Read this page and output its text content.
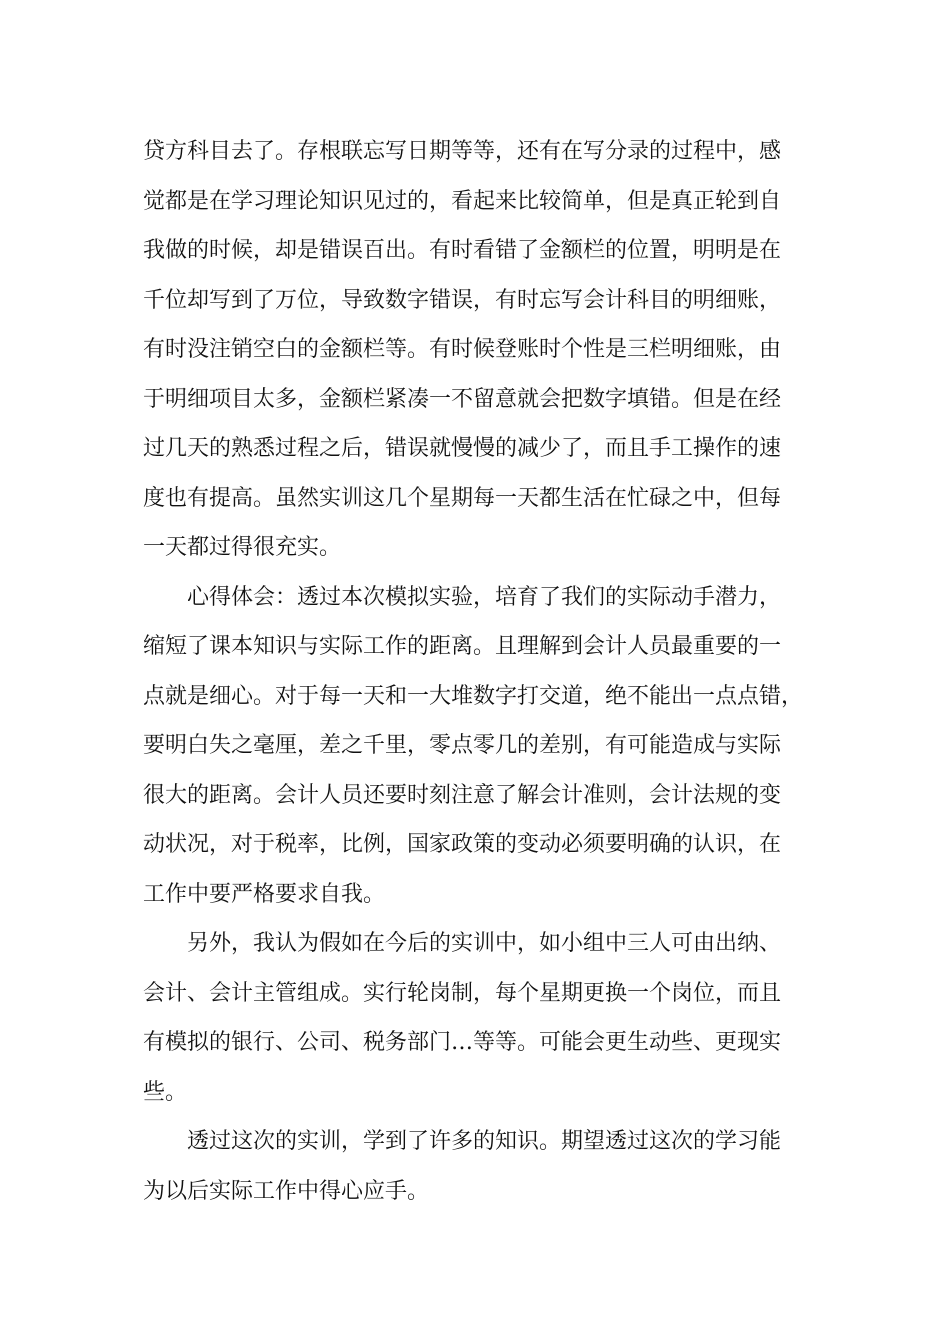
贷方科目去了。存根联忘写日期等等，还有在写分录的过程中，感
觉都是在学习理论知识见过的，看起来比较简单，但是真正轮到自
我做的时候，却是错误百出。有时看错了金额栏的位置，明明是在
千位却写到了万位，导致数字错误，有时忘写会计科目的明细账，
有时没注销空白的金额栏等。有时候登账时个性是三栏明细账，由
于明细项目太多，金额栏紧凑一不留意就会把数字填错。但是在经
过几天的熟悉过程之后，错误就慢慢的减少了，而且手工操作的速
度也有提高。虽然实训这几个星期每一天都生活在忙碌之中，但每
一天都过得很充实。
心得体会：透过本次模拟实验，培育了我们的实际动手潜力，
缩短了课本知识与实际工作的距离。且理解到会计人员最重要的一
点就是细心。对于每一天和一大堆数字打交道，绝不能出一点点错，
要明白失之毫厘，差之千里，零点零几的差别，有可能造成与实际
很大的距离。会计人员还要时刻注意了解会计准则，会计法规的变
动状况，对于税率，比例，国家政策的变动必须要明确的认识，在
工作中要严格要求自我。
另外，我认为假如在今后的实训中，如小组中三人可由出纳、
会计、会计主管组成。实行轮岗制，每个星期更换一个岗位，而且
有模拟的银行、公司、税务部门…等等。可能会更生动些、更现实
些。
透过这次的实训，学到了许多的知识。期望透过这次的学习能
为以后实际工作中得心应手。
